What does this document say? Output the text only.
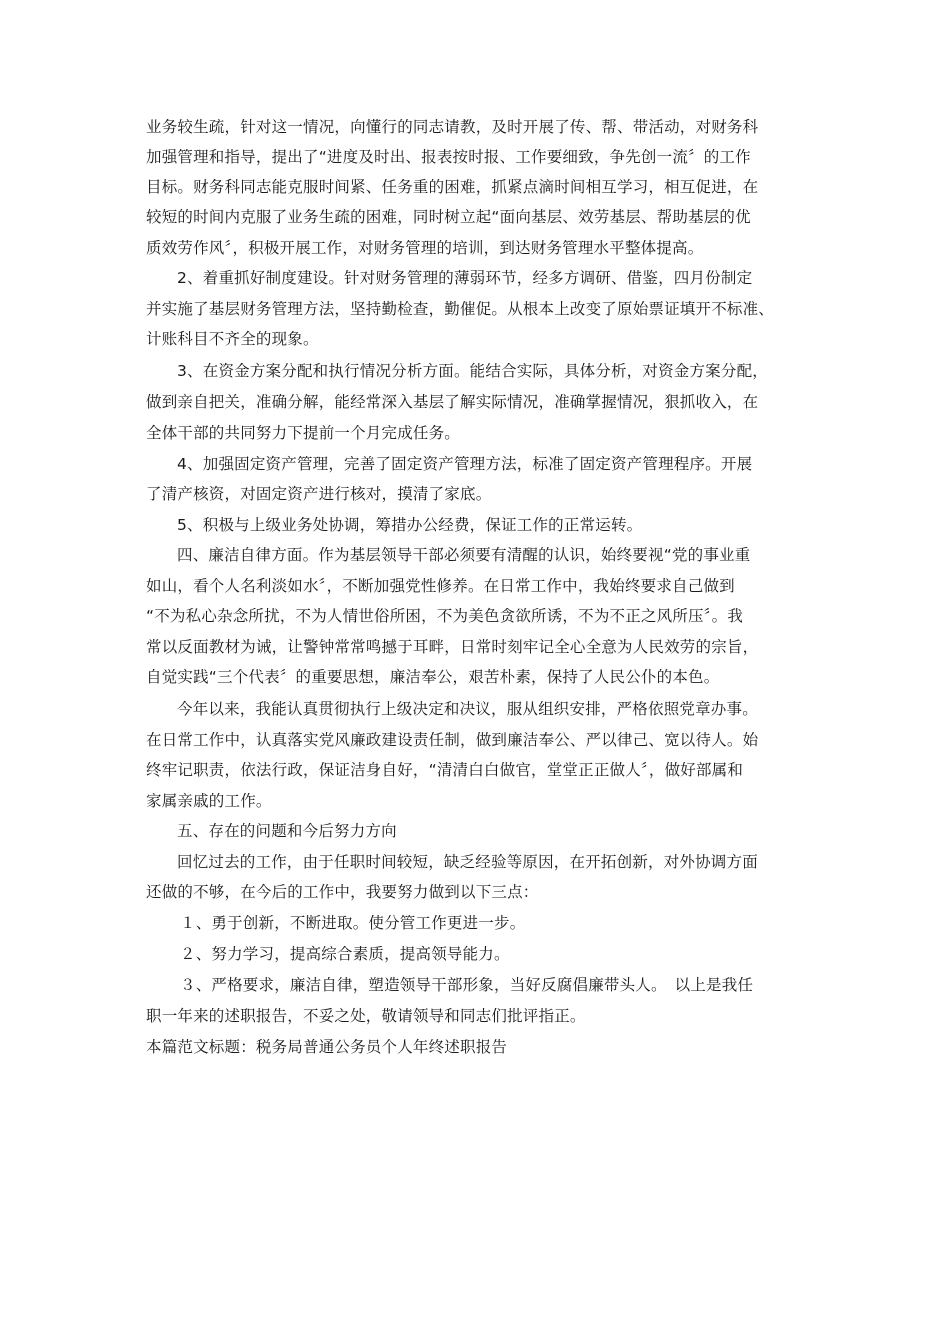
业务较生疏，针对这一情况，向懂行的同志请教，及时开展了传、帮、带活动，对财务科
加强管理和指导，提出了“进度及时出、报表按时报、工作要细致，争先创一流〞的工作
目标。财务科同志能克服时间紧、任务重的困难，抓紧点滴时间相互学习，相互促进，在
较短的时间内克服了业务生疏的困难，同时树立起“面向基层、效劳基层、帮助基层的优
质效劳作风〞，积极开展工作，对财务管理的培训，到达财务管理水平整体提高。
2、着重抓好制度建设。针对财务管理的薄弱环节，经多方调研、借鉴，四月份制定
并实施了基层财务管理方法，坚持勤检查，勤催促。从根本上改变了原始票证填开不标准、
计账科目不齐全的现象。
3、在资金方案分配和执行情况分析方面。能结合实际，具体分析，对资金方案分配，
做到亲自把关，准确分解，能经常深入基层了解实际情况，准确掌握情况，狠抓收入，在
全体干部的共同努力下提前一个月完成任务。
4、加强固定资产管理，完善了固定资产管理方法，标准了固定资产管理程序。开展
了清产核资，对固定资产进行核对，摸清了家底。
5、积极与上级业务处协调，筹措办公经费，保证工作的正常运转。
四、廉洁自律方面。作为基层领导干部必须要有清醒的认识，始终要视“党的事业重
如山，看个人名利淡如水〞，不断加强党性修养。在日常工作中，我始终要求自己做到
“不为私心杂念所扰，不为人情世俗所困，不为美色贪欲所诱，不为不正之风所压〞。我
常以反面教材为诫，让警钟常常鸣撼于耳畔，日常时刻牢记全心全意为人民效劳的宗旨，
自觉实践“三个代表〞的重要思想，廉洁奉公，艰苦朴素，保持了人民公仆的本色。
今年以来，我能认真贯彻执行上级决定和决议，服从组织安排，严格依照党章办事。
在日常工作中，认真落实党风廉政建设责任制，做到廉洁奉公、严以律己、宽以待人。始
终牢记职责，依法行政，保证洁身自好，“清清白白做官，堂堂正正做人〞，做好部属和
家属亲戚的工作。
五、存在的问题和今后努力方向
回忆过去的工作，由于任职时间较短，缺乏经验等原因，在开拓创新，对外协调方面
还做的不够，在今后的工作中，我要努力做到以下三点：
１、勇于创新，不断进取。使分管工作更进一步。
２、努力学习，提高综合素质，提高领导能力。
３、严格要求，廉洁自律，塑造领导干部形象，当好反腐倡廉带头人。　以上是我任
职一年来的述职报告，不妥之处，敬请领导和同志们批评指正。
本篇范文标题：税务局普通公务员个人年终述职报告
